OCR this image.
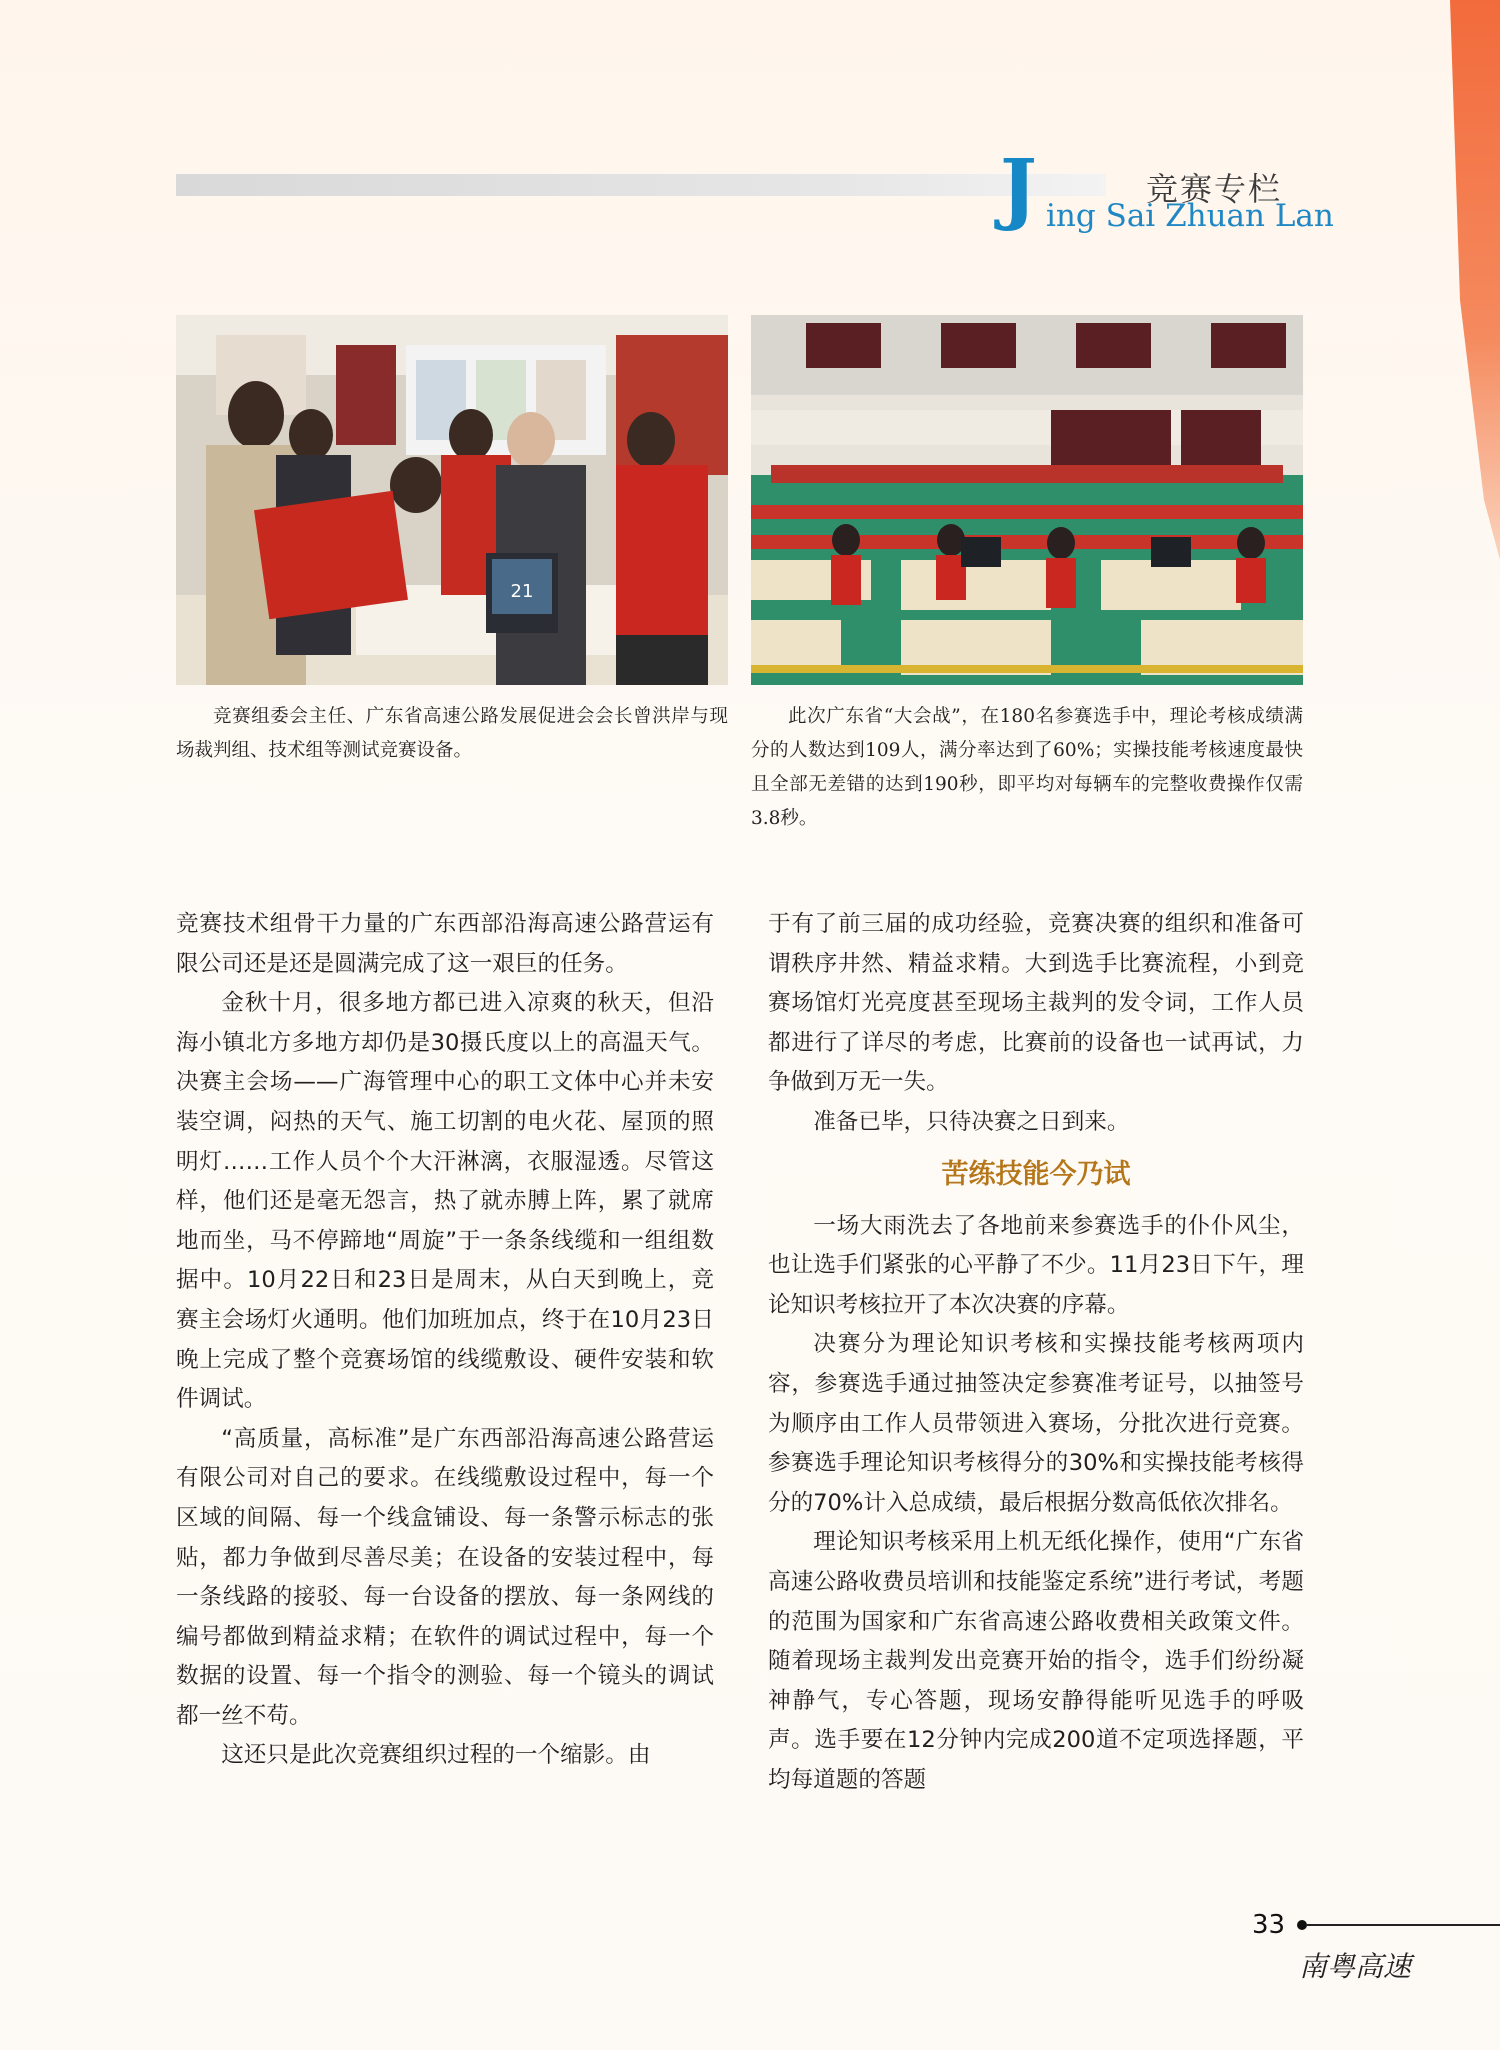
J	竞赛专栏
ing Sai Zhuan Lan
21

竞赛组委会主任、广东省高速公路发展促进会会长曾洪岸与现场裁判组、技术组等测试竞赛设备。

此次广东省“大会战”，在180名参赛选手中，理论考核成绩满分的人数达到109人，满分率达到了60%；实操技能考核速度最快且全部无差错的达到190秒，即平均对每辆车的完整收费操作仅需3.8秒。

竞赛技术组骨干力量的广东西部沿海高速公路营运有限公司还是还是圆满完成了这一艰巨的任务。

金秋十月，很多地方都已进入凉爽的秋天，但沿海小镇北方多地方却仍是30摄氏度以上的高温天气。决赛主会场——广海管理中心的职工文体中心并未安装空调，闷热的天气、施工切割的电火花、屋顶的照明灯……工作人员个个大汗淋漓，衣服湿透。尽管这样，他们还是毫无怨言，热了就赤膊上阵，累了就席地而坐，马不停蹄地“周旋”于一条条线缆和一组组数据中。10月22日和23日是周末，从白天到晚上，竞赛主会场灯火通明。他们加班加点，终于在10月23日晚上完成了整个竞赛场馆的线缆敷设、硬件安装和软件调试。

“高质量，高标准”是广东西部沿海高速公路营运有限公司对自己的要求。在线缆敷设过程中，每一个区域的间隔、每一个线盒铺设、每一条警示标志的张贴，都力争做到尽善尽美；在设备的安装过程中，每一条线路的接驳、每一台设备的摆放、每一条网线的编号都做到精益求精；在软件的调试过程中，每一个数据的设置、每一个指令的测验、每一个镜头的调试都一丝不苟。

这还只是此次竞赛组织过程的一个缩影。由

于有了前三届的成功经验，竞赛决赛的组织和准备可谓秩序井然、精益求精。大到选手比赛流程，小到竞赛场馆灯光亮度甚至现场主裁判的发令词，工作人员都进行了详尽的考虑，比赛前的设备也一试再试，力争做到万无一失。

准备已毕，只待决赛之日到来。

苦练技能今乃试

一场大雨洗去了各地前来参赛选手的仆仆风尘，也让选手们紧张的心平静了不少。11月23日下午，理论知识考核拉开了本次决赛的序幕。

决赛分为理论知识考核和实操技能考核两项内容，参赛选手通过抽签决定参赛准考证号，以抽签号为顺序由工作人员带领进入赛场，分批次进行竞赛。参赛选手理论知识考核得分的30%和实操技能考核得分的70%计入总成绩，最后根据分数高低依次排名。

理论知识考核采用上机无纸化操作，使用“广东省高速公路收费员培训和技能鉴定系统”进行考试，考题的范围为国家和广东省高速公路收费相关政策文件。随着现场主裁判发出竞赛开始的指令，选手们纷纷凝神静气，专心答题，现场安静得能听见选手的呼吸声。选手要在12分钟内完成200道不定项选择题，平均每道题的答题

33
南粤高速
